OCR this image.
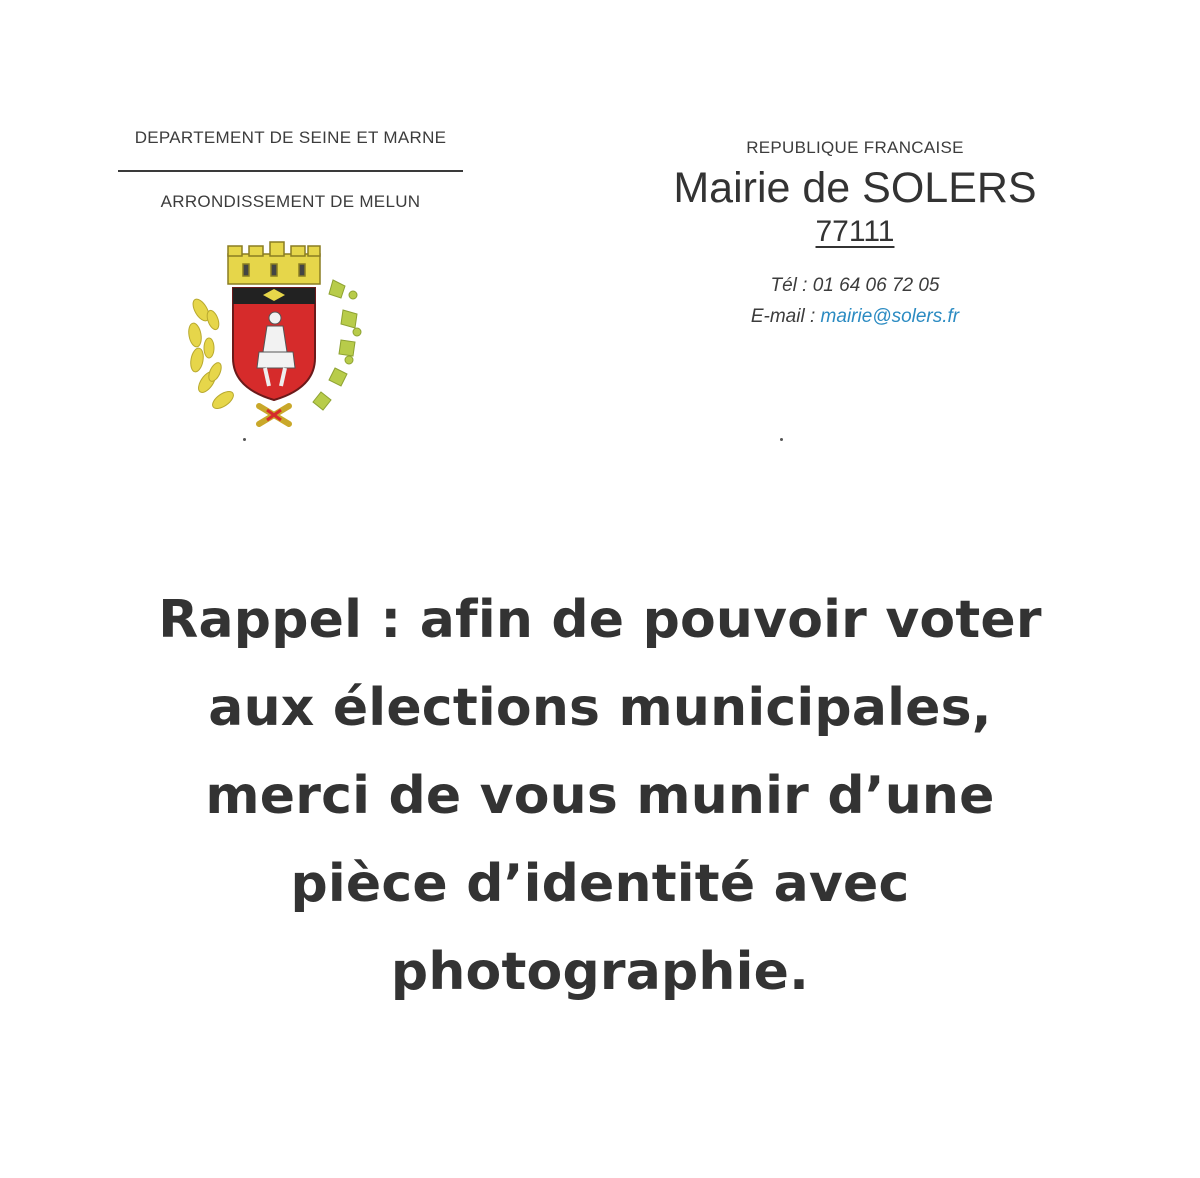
DEPARTEMENT DE SEINE ET MARNE
ARRONDISSEMENT DE MELUN
REPUBLIQUE FRANCAISE
Mairie de SOLERS
77111
Tél : 01 64 06 72 05
E-mail : mairie@solers.fr
Rappel : afin de pouvoir voter
aux élections municipales,
merci de vous munir d’une
pièce d’identité avec
photographie.
